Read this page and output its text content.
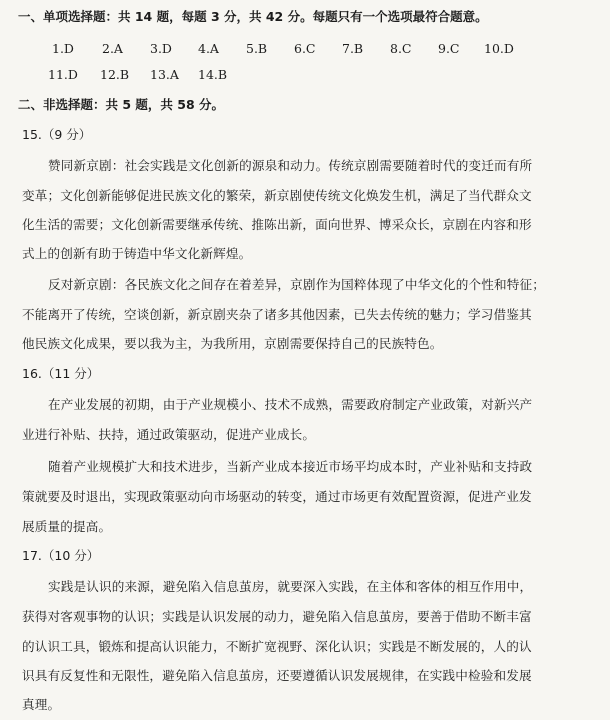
一、单项选择题：共 14 题，每题 3 分，共 42 分。每题只有一个选项最符合题意。
1.D 2.A 3.D 4.A 5.B 6.C 7.B 8.C 9.C 10.D
11.D 12.B 13.A 14.B
二、非选择题：共 5 题，共 58 分。
15.（9 分）
赞同新京剧：社会实践是文化创新的源泉和动力。传统京剧需要随着时代的变迁而有所
变革；文化创新能够促进民族文化的繁荣，新京剧使传统文化焕发生机，满足了当代群众文
化生活的需要；文化创新需要继承传统、推陈出新，面向世界、博采众长，京剧在内容和形
式上的创新有助于铸造中华文化新辉煌。
反对新京剧：各民族文化之间存在着差异，京剧作为国粹体现了中华文化的个性和特征；
不能离开了传统，空谈创新，新京剧夹杂了诸多其他因素，已失去传统的魅力；学习借鉴其
他民族文化成果，要以我为主，为我所用，京剧需要保持自己的民族特色。
16.（11 分）
在产业发展的初期，由于产业规模小、技术不成熟，需要政府制定产业政策，对新兴产
业进行补贴、扶持，通过政策驱动，促进产业成长。
随着产业规模扩大和技术进步，当新产业成本接近市场平均成本时，产业补贴和支持政
策就要及时退出，实现政策驱动向市场驱动的转变，通过市场更有效配置资源，促进产业发
展质量的提高。
17.（10 分）
实践是认识的来源，避免陷入信息茧房，就要深入实践，在主体和客体的相互作用中，
获得对客观事物的认识；实践是认识发展的动力，避免陷入信息茧房，要善于借助不断丰富
的认识工具，锻炼和提高认识能力，不断扩宽视野、深化认识；实践是不断发展的，人的认
识具有反复性和无限性，避免陷入信息茧房，还要遵循认识发展规律，在实践中检验和发展
真理。
